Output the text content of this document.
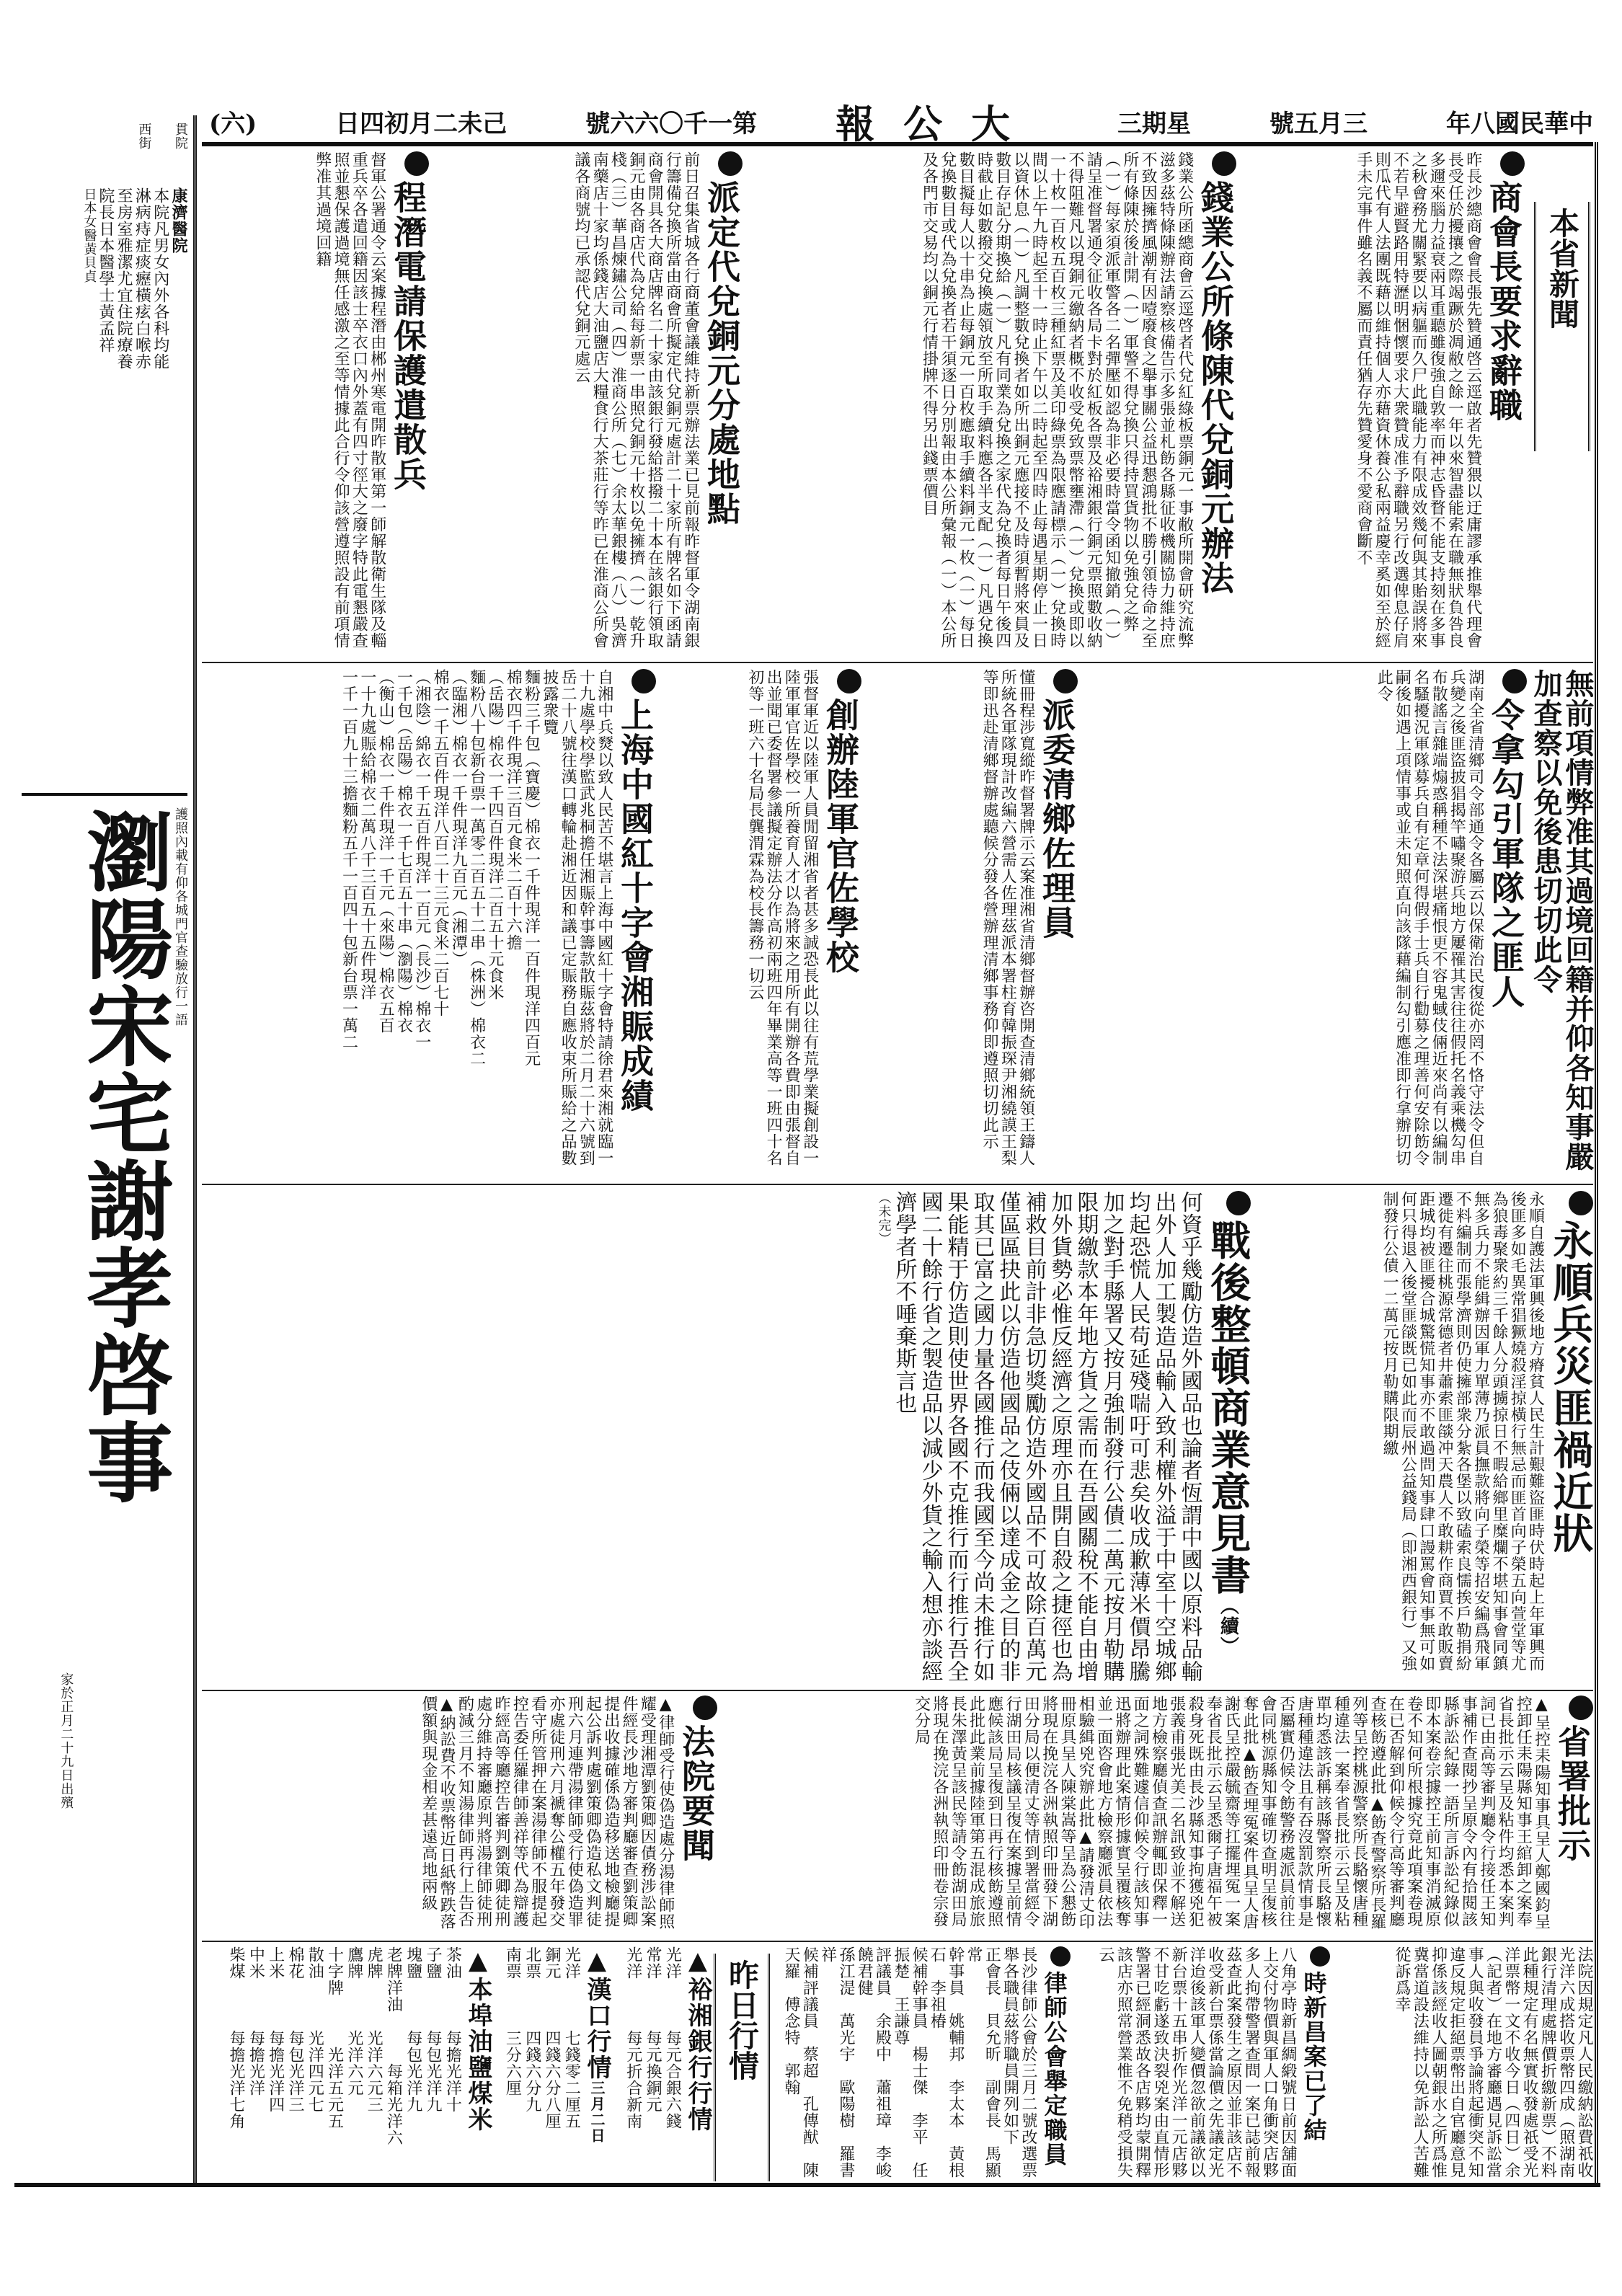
中華民國八年
三月五號
星期三
大公報
第一千〇六六號
己未二月初四日
(六)

貫院

西街

康濟醫院

本院凡男女內外各科均能

淋病痔症痰癧橫痃白喉赤

至房室雅潔尤宜住院療養

院長日本醫學士黃孟祥

日本女醫黃貝貞

護照內載有仰各城門官查驗放行一語

瀏陽宋宅謝孝啓事

家於正月二十九日出殯

本省新聞

商會長要求辭職

昨長沙總商會會長張先贊通啓云逕啟者先贊猥以迂庸謬承推舉代理會長受任於擾攘之際竭蹶於凋敝之餘一年以來智盡能索在職無狀負咎良多邇來腦力益衰兩耳重聽雖復強自敦率而神志昏瞀不能支持刻在多事之秋會務尤關緊要以病軀而久尸此職能力有限成效幾何與其貽誤將來不若早避賢路用特瀝明悃懷要求大衆贊成准予辭職另行改選俾息仔肩則瓜代有人法團既藉以維持個人亦藉資休養公私兩益慶幸奚如至於經手未完事件雖名義不屬而責任猶存先贊愛身不愛商會斷不

錢業公所條陳代兌銅元辦法

錢業公所函總商會云逕啓者代兌紅綠板票銅元一事敝所開會研究流弊滋多茲特條陳辦法請察核備告示多張並札飭各縣征收機關協力維持庶不致因擁擠風潮有因噎廢食之舉事關公益迅懇鴻批不勝引領待命之至所有條陳於後計開（一）軍警不得兌換只得持買貨物以免強兌之弊（一）每家須派軍警各二名彈壓如認為非必要時當令函知撤銷（一）請呈准督署通令征收各局卡對於紅板各票及裕湘銀行銅元票照數收納不得阻難凡以現銅元繳納者概不收受免致票幣壅滯（一）兌換或即以一十枚一百枚五百枚三種紅票及美印綠票為限應請標示（一）兌換時間以上午九時起至十一時止下午以二時起至四時止每遇星期停止一日以資休息（一）凡調整數兌換者如所出銅元應接不及時須暫將來員及數目存記分期換給（一）凡有同業為兌換之家代為兌換者每日午後四時截止如數撥交兌換處領放至所取手續料應各半支配（一）凡遇兌換數目擬每人以十串為止每銅元一百枚應取手續料銅元一枚（一）每日兌換數目或代為兌換者若干須逐日分別報由本公所彙報（一）本公所及各門市交易均以銅元行情掛牌不得另出錢票價目

派定代兌銅元分處地點

前日召集省城各行商董會議維持新票辦法業已見前報昨督軍令湖南銀行籌備兌換所當由商會所擬定代兌銅元處計二十家所有牌名如下函請商會開具各大商店牌名二十家由該銀行發給搭撥二十本在該銀行領取銅元由各商店代為兌給每新票一串照兌銅元十枚以免擁擠（一）乾升棧（三）華昌煉鏽公司（四）淮商公所（七）余太華銀樓（八）吳濟南藥店十家均係錢店大油鹽店大糧食行大茶莊行等昨已在淮商公所會議各商號均已承認代兌銅元處云

程潛電請保護遣散兵

督軍公署通令云案據程潛由郴州寒電開昨散軍第一師解散衛生隊及輜重兵卒各遣回籍因該士卒衣口內外蓋有四寸徑大之廢字特此電懇嚴查照並懇保護過境無任感激之至等情據此合行令仰該營遵照設有前項情弊准其過境回籍

無前項情弊准其過境回籍并仰各知事嚴加查察以免後患切切此令

令拿勾引軍隊之匪人

湖南全省清鄉司令部通令各屬云以保衛治民復從亦罔不恪守法令但自兵變之後匪盜披猖揭竿嘯聚游兵地方屢罹其害往往假托名義乘機勾串布散謠言雜端煽惑稱種不法深堪痛恨更不容鬼蜮伎倆近來尚有以編制名騷擾況軍隊募兵自有定章何得假手士兵自行勸募之理善何安除飭令嗣後如遇上項情事或並未知照直向該隊藉編制勾引應准即行拿辦切切此令

派委清鄉佐理員

懂冊程涉寬縱昨督署牌示云案准湘省清鄉督辦咨開查清鄉統領王鑄人所統各軍隊現計改編六營需人佐理茲派本署柱育韓振琛尹湘繞謨王梨等即迅赴清鄉督辦處聽候分發各營辦理清鄉事務仰即遵照切切此示

創辦陸軍官佐學校

張督軍近以陸軍人員閒留湘省者甚多誠恐長此以往有荒學業擬創設一陸軍軍官佐學校一所養育人才以為將來之用所有開辦各費即由張督自出並聞已委督署參議擬定辦法分作高初兩班四年畢業高等一班四十名初等一班六十名局長龔渭霖為校長籌務一切云

上海中國紅十字會湘賑成績

自湘中兵燹以致人民苦不堪言上海中國紅十字會特請徐君來湘就臨一十九處學校學監武兆桐擔任湘賑幹事籌款散賑茲將於二月二十六號到岳二十八號往漢口轉輪赴湘近因和議已定賑務自應收束所賑給之品數披露衆覽

麵粉三千包（寶慶）棉衣一千件現洋一百件現洋四百元

棉衣四千件現洋三百元食米二百十六擔

（岳陽）棉衣一千四百件現洋二百五十元食米

麵粉八十包新台票一萬零二百五十二串（株洲）棉衣二

（臨湘）棉衣一千件現洋九百元（湘潭）

棉衣一千五百件現洋八百二十三元食米二百七十

（湘陰）綿衣一千五百件現洋一百元（長沙）棉衣一

一千包（岳陽）棉衣一千七百五十串（瀏陽）棉衣

（衡山）棉衣一千件現洋一千元（來陽）棉衣五百

一十九處賑給棉衣二萬八千三百五十五件現洋

一千一百九十三擔麵粉五千一百四十包新台票一萬二

永順兵災匪禍近狀

永順自護法軍興後地方瘠貧人民生計艱難盜匪時伏時起上年軍興而後匪多如毛異常猖獗燒殺淫掠橫行無忌而匪首向子榮五向萱堂等尤為狼毒聚衆約三千餘人分頭擄掠日不暇給鄉里糜爛不堪知事會同鎮無多兵力不能緝辦因軍力單薄乃派員撫款將向子榮等招安編爲飛軍不料編制而張學濟則仍使擁部衆分紮各堡以致磕索良懦挨戶勒捐紛遷徙有遷往桃源常德者井蕭索匪燄冲天農人不敢耕作商賈不敢販賣距城均被匪擾合城驚慌知事亦不敢過問知事肆口謾罵會知事無可如何只得退入後堂匪燄既已如此而辰州公益錢局（即湘西銀行）又強制發行公債一二萬元按月勒購限期繳

戰後整頓商業意見書（續）

何資乎幾勵仿造外國品也論者恆謂中國以原料品輸出外人加工製造品輸入致利權外溢于中室十空城鄉均起恐慌人民苟延殘喘吁可悲矣收成歉薄米價昂騰加之對手縣署又按月強制發行公債二萬元按月勒購限期繳款本年地方貨之需而在吾國關稅不能自由增加外貨勢必惟反經濟之原理亦且開自殺之捷徑也為補救目前計非急切獎勵仿造外國品不可故除百萬元僅區區抉此以仿造他國品之伎倆以達成金之目的非取其已富之國力量各國推行而我國至今尚未推行如果能精于仿造則使世界各國不克推行而行推行吾全國二十餘行省之製造品以減少外貨之輸入想亦談經濟學者所不唾棄斯言也

（未完）

省署批示

▲呈控耒陽知事具呈人鄭國鈞呈控卸任耒陽縣知事王綰卸之案奉省長批示云呈及粘件均悉本案判詞已由高等審判廳令行接任王知事補作查閱抄呈原令內有拾閱該縣訴訟紀錄一語所言訴訟紀錄似即本案卷宗據控王前知事消滅原卷不知何所根據究竟此項案卷現在已否解到仰候令行高等審判廳查核飭遵此批▲飭查警察所長羅列等呈控桃源警察所長駱懷唐種種違法一案奉省長批示云呈及粘單均悉該訴稱該縣警察所長駱懷唐種種違法且有吞沒罰款情事是否屬實仍候令飭警務處派員前往會同桃源縣知事確切查明呈復核奪此批▲飭查埋冤案件具呈人唐謝氏呈控嚴毓齋等扛擺埋冤一案奉省長批示云呈悉爾子唐福午被殺身死既由長沙縣知事拘獲兇犯張義甫張光美二名訊致並不解送地方檢察廳偵查訊辦輒即保釋一面之詞殊難遽信仰候令行該知事迅將辦理此案情形據實呈覆核奪並一面咨會地方檢察廳派員依法相驗緝兇究辦此批▲請發清丈印冊原具呈人陳棠嵩等呈為公懇飭將現在挽浣各洲執照印冊發下湖田分局以便清丈等情到署當經令行湖田局核議呈復在案據呈前情應候該局呈復到日再行核飭遵照此批此業前據陸軍第五混成旅旅長朱澤黃呈該民等請令飭湖田局將現在挽浣各洲執照印冊卷宗發交分局

法院要聞

▲律師受行使偽造處分湯律師照耀受理湘潭劉策卿因債務涉訟案件經長沙地方審判廳審查劉策卿提出收據確係偽造移送地檢廳提起公訴判處劉策卿偽造私文判徒刑六月連帶湯律師受行使偽造罪亦處徒刑六月褫奪公權五年發交看守所管押在案湯律師不服提起控告委任羅律師善祥等代為辯護昨經高等廳控告審判劉策卿徒刑處分維持審廳原判將湯律師徒刑酌減三月不知湯律師再行上告否▲納訟費不收票幣近日紙幣跌落價額與現金相差甚遠高地兩級

法院因規定凡人民繳納訟費祇收光洋六成搭收票幣四成（照湖南銀行清理處牌價折繳新票）不料此種規定有名無實收發處祇受光洋票幣一文不收今日（四日）余（記者）在地方審廳遇見訴訟當事人與收發員爭論將起衝突不知違反規定拒絕票幣出自官廳意見抑係該經收人圖朝銀水之所爲惟冀當道設法維持以免訴訟人苦難從訴爲幸

時新昌案已了結

八角亭時新昌綢緞號日前因舖面上交付物價與軍人口角衝突店夥多人拘帶警署查問一案已誌前報茲查此案發生之原因並非該店不收受新台票係當論價之先議定光洋迨後該軍人變價忽欲前議欲以新台票十五串折作光洋一元店夥不甘吃虧遂致決裂兇案由直情形警署已經洞悉故各店夥均蒙開釋該店亦照常營業惟不免稍受損失云

律師公會舉定職員

長沙律師公會於三月二號改選票舉各職員茲將職員開列如下

正會長　貝允昕　副會長　馬顯常

幹事員　姚輔邦　李太本　黃根石　李祖椿

候補幹事員　楊士傑　李平　任振楚　王謙尊

評議員　余殿中　蕭祖璋　李峻　饒君健

孫江湜　萬光宇　歐陽樹　羅書祥

候補評議員　蔡超　孔傳猷　陳天羅　傅念特　郭翰

昨日行情

▲裕湘銀行行情

光洋每元合銀六錢

常洋每元換銅元

光洋每元折合新南

▲漢口行情三月二日

光洋七錢零二厘五

銅元四錢六分八厘

北票四錢六分九

南票三分六厘

▲本埠油鹽煤米

茶油每擔光洋十

子鹽每包光洋九

塊鹽每包光洋九

老牌洋油每箱光洋六

虎牌光洋六元三

鷹牌光洋六元

十字牌光洋五元五

散油光洋四元七

棉花每包光洋三

上米每擔光洋四

中米每擔光洋

柴煤每擔光洋七角
